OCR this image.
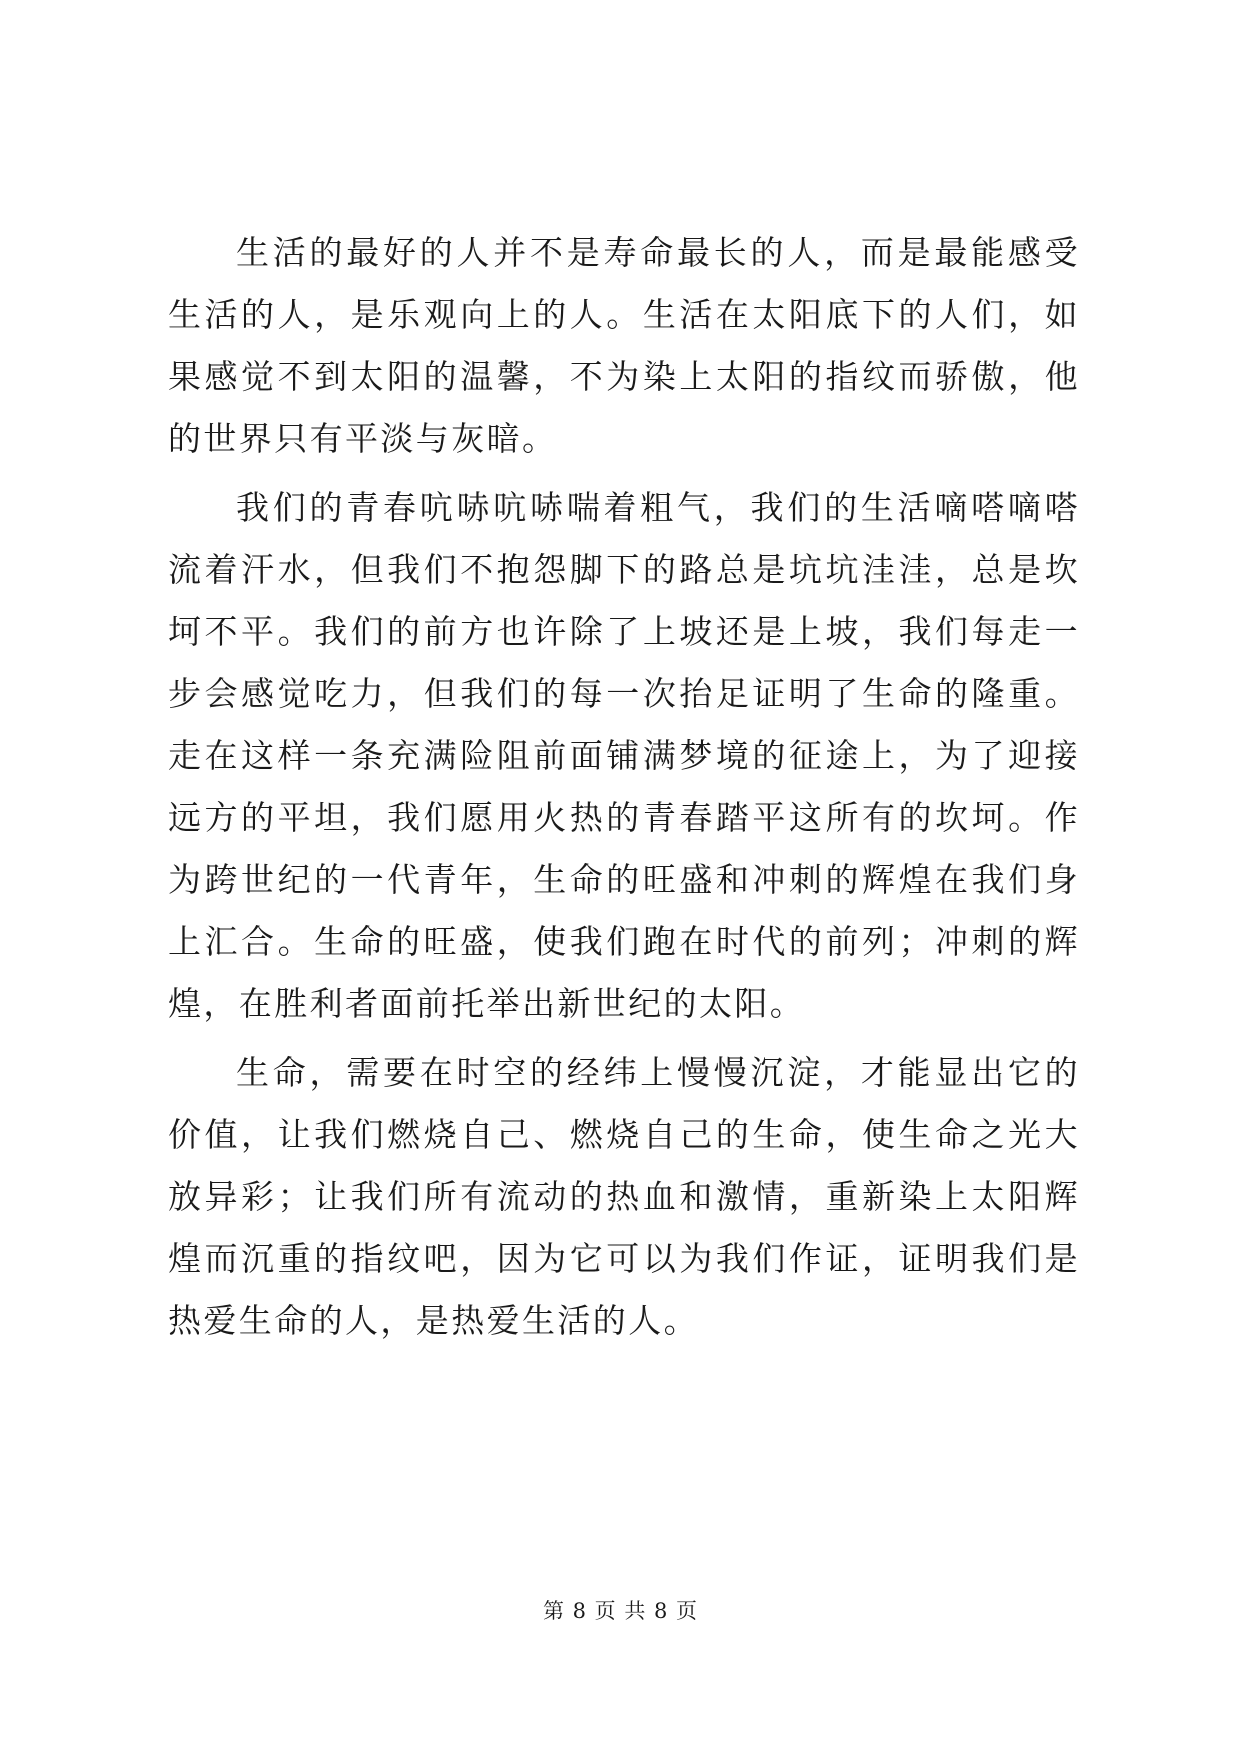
生活的最好的人并不是寿命最长的人，而是最能感受生活的人，是乐观向上的人。生活在太阳底下的人们，如果感觉不到太阳的温馨，不为染上太阳的指纹而骄傲，他的世界只有平淡与灰暗。

我们的青春吭哧吭哧喘着粗气，我们的生活嘀嗒嘀嗒流着汗水，但我们不抱怨脚下的路总是坑坑洼洼，总是坎坷不平。我们的前方也许除了上坡还是上坡，我们每走一步会感觉吃力，但我们的每一次抬足证明了生命的隆重。走在这样一条充满险阻前面铺满梦境的征途上，为了迎接远方的平坦，我们愿用火热的青春踏平这所有的坎坷。作为跨世纪的一代青年，生命的旺盛和冲刺的辉煌在我们身上汇合。生命的旺盛，使我们跑在时代的前列；冲刺的辉煌，在胜利者面前托举出新世纪的太阳。

生命，需要在时空的经纬上慢慢沉淀，才能显出它的价值，让我们燃烧自己、燃烧自己的生命，使生命之光大放异彩；让我们所有流动的热血和激情，重新染上太阳辉煌而沉重的指纹吧，因为它可以为我们作证，证明我们是热爱生命的人，是热爱生活的人。

第 8 页 共 8 页
